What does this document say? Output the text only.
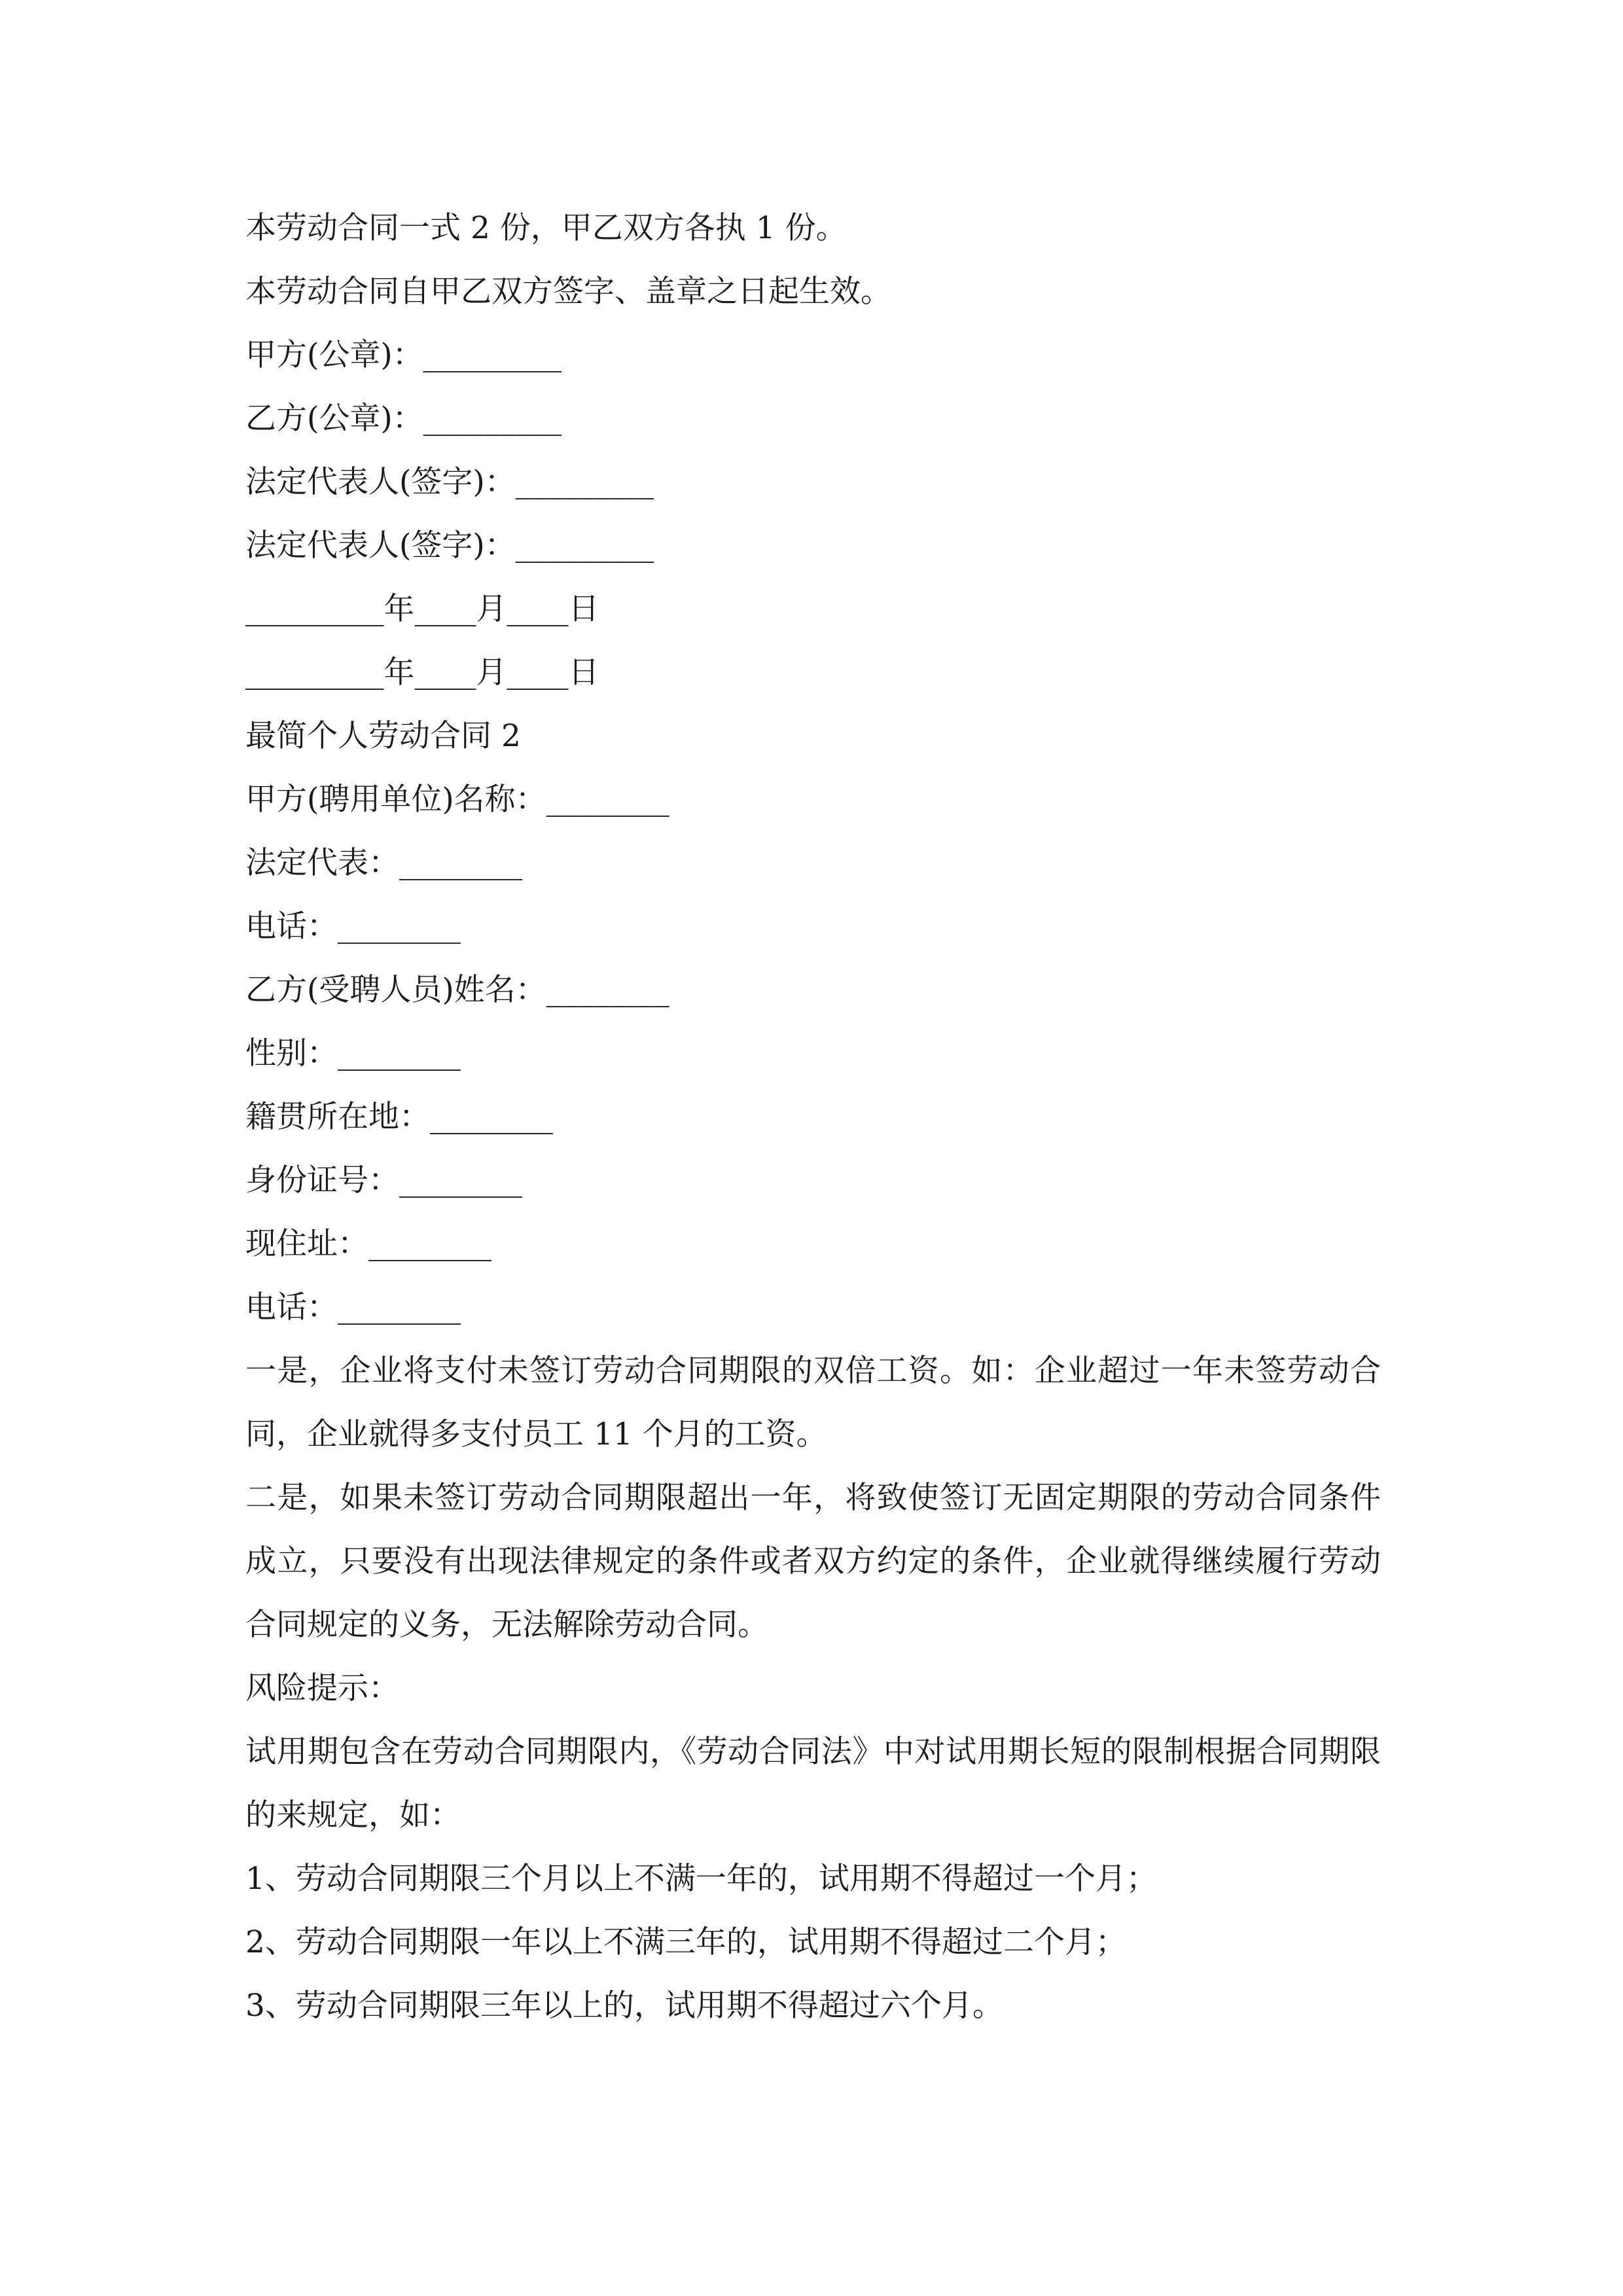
本劳动合同一式 2 份，甲乙双方各执 1 份。
本劳动合同自甲乙双方签字、盖章之日起生效。
甲方(公章)：_________
乙方(公章)：_________
法定代表人(签字)：_________
法定代表人(签字)：_________
_________年____月____日
_________年____月____日
最简个人劳动合同 2
甲方(聘用单位)名称：________
法定代表：________
电话：________
乙方(受聘人员)姓名：________
性别：________
籍贯所在地：________
身份证号：________
现住址：________
电话：________
一是，企业将支付未签订劳动合同期限的双倍工资。如：企业超过一年未签劳动合同，企业就得多支付员工 11 个月的工资。
二是，如果未签订劳动合同期限超出一年，将致使签订无固定期限的劳动合同条件成立，只要没有出现法律规定的条件或者双方约定的条件，企业就得继续履行劳动合同规定的义务，无法解除劳动合同。
风险提示：
试用期包含在劳动合同期限内，《劳动合同法》中对试用期长短的限制根据合同期限的来规定，如：
1、劳动合同期限三个月以上不满一年的，试用期不得超过一个月；
2、劳动合同期限一年以上不满三年的，试用期不得超过二个月；
3、劳动合同期限三年以上的，试用期不得超过六个月。
